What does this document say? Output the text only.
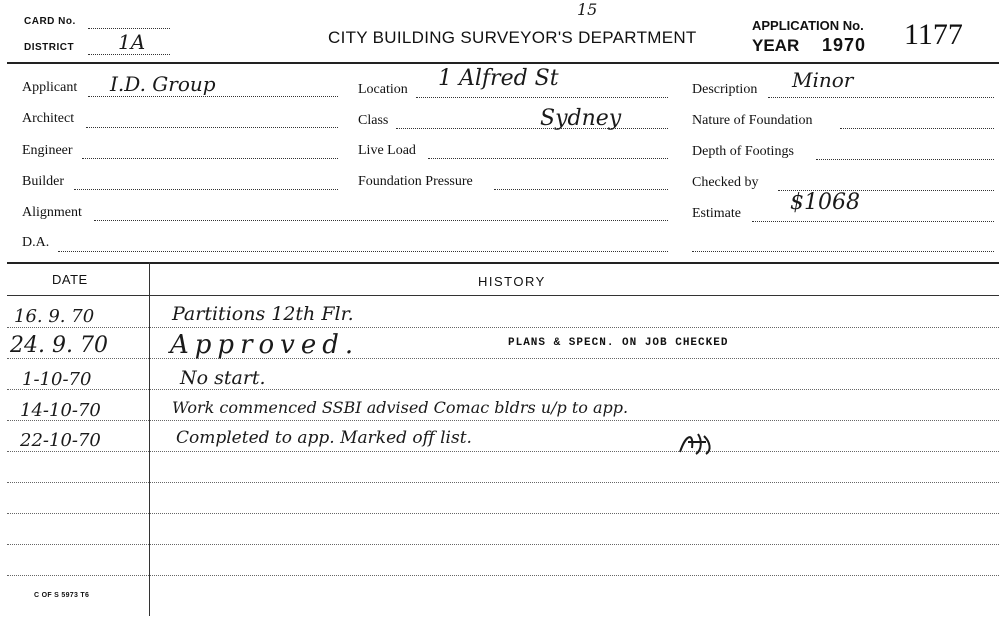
CARD No.
DISTRICT 1A	CITY BUILDING SURVEYOR'S DEPARTMENT
15
APPLICATION No. 1177
YEAR 1970
Applicant I.D. Group
Architect
Engineer
Builder
Alignment
D.A.
Location 1 Alfred St
Class	Sydney
Live Load
Foundation Pressure
Description Minor
Nature of Foundation
Depth of Footings
Checked by
Estimate $1068
DATE	HISTORY
16. 9. 70	Partitions 12th Flr.
24. 9. 70 Approved.	PLANS & SPECN. ON JOB CHECKED
1-10-70	No start.
14-10-70	Work commenced SSBI advised Comac bldrs u/p to app.
22-10-70	Completed to app. Marked off list.
C OF S 5973 T6
